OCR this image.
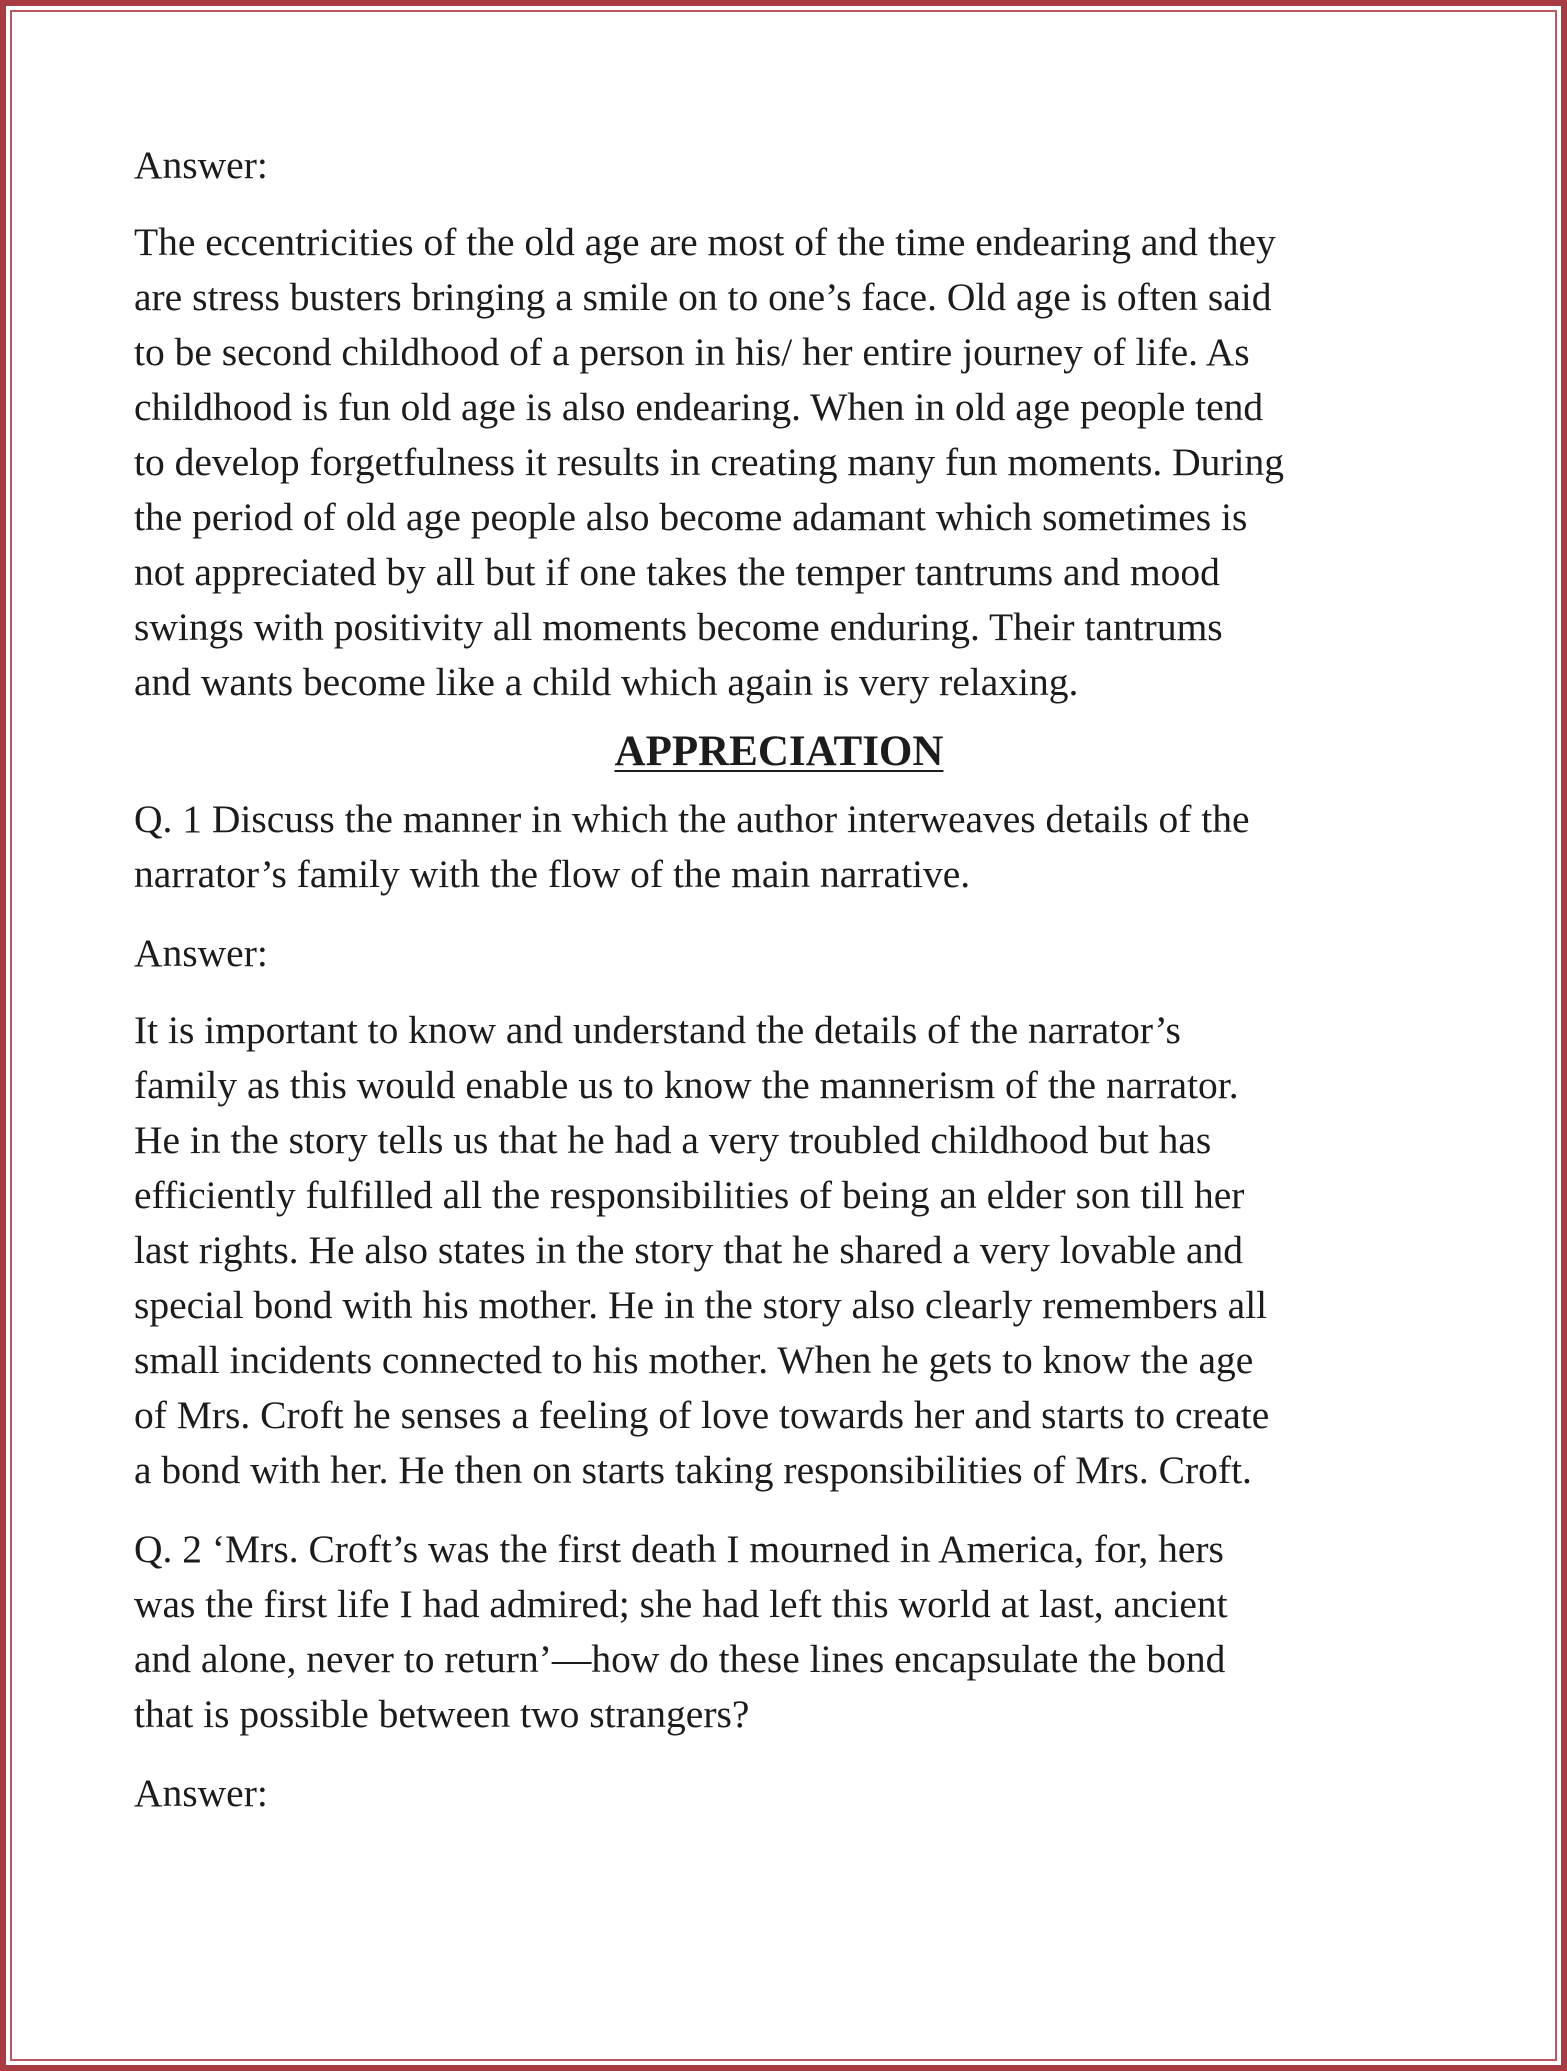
Answer:

The eccentricities of the old age are most of the time endearing and they

are stress busters bringing a smile on to one’s face. Old age is often said

to be second childhood of a person in his/ her entire journey of life. As

childhood is fun old age is also endearing. When in old age people tend

to develop forgetfulness it results in creating many fun moments. During

the period of old age people also become adamant which sometimes is

not appreciated by all but if one takes the temper tantrums and mood

swings with positivity all moments become enduring. Their tantrums

and wants become like a child which again is very relaxing.

APPRECIATION

Q. 1 Discuss the manner in which the author interweaves details of the

narrator’s family with the flow of the main narrative.

Answer:

It is important to know and understand the details of the narrator’s

family as this would enable us to know the mannerism of the narrator.

He in the story tells us that he had a very troubled childhood but has

efficiently fulfilled all the responsibilities of being an elder son till her

last rights. He also states in the story that he shared a very lovable and

special bond with his mother. He in the story also clearly remembers all

small incidents connected to his mother. When he gets to know the age

of Mrs. Croft he senses a feeling of love towards her and starts to create

a bond with her. He then on starts taking responsibilities of Mrs. Croft.

Q. 2 ‘Mrs. Croft’s was the first death I mourned in America, for, hers

was the first life I had admired; she had left this world at last, ancient

and alone, never to return’—how do these lines encapsulate the bond

that is possible between two strangers?

Answer:
